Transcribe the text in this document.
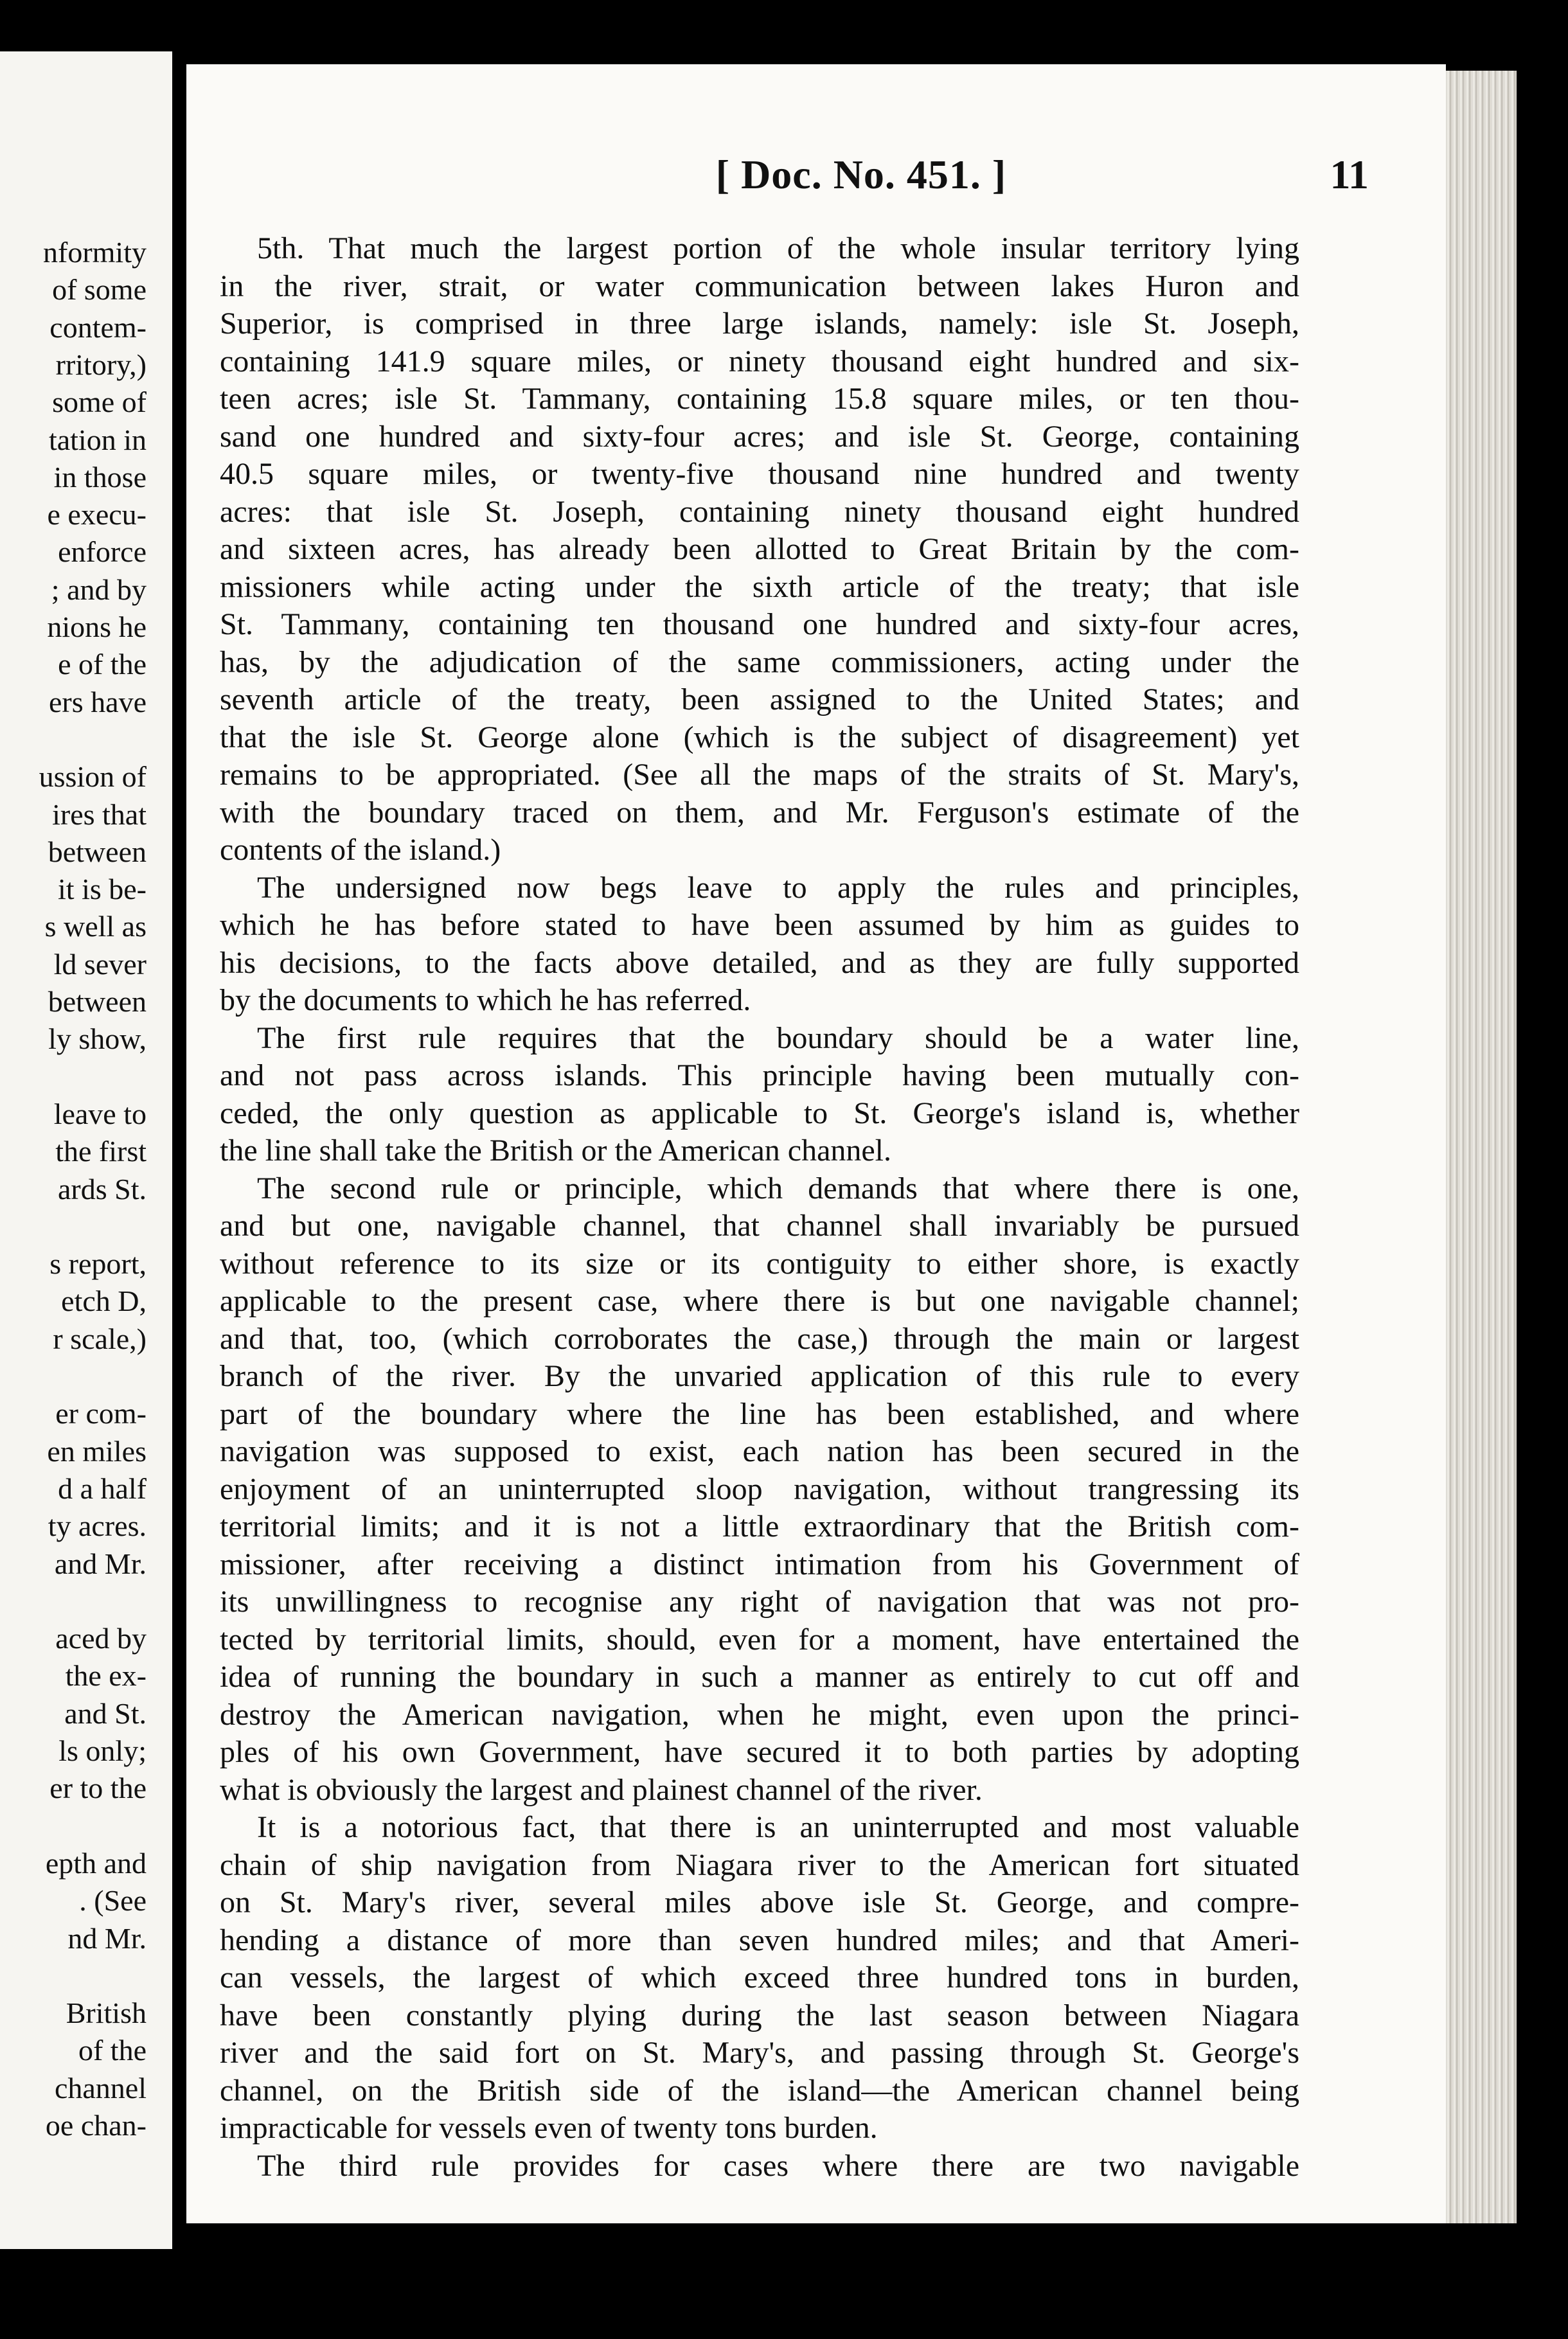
nformity
of some
contem-
rritory,)
some of
tation in
in those
e execu-
enforce
; and by
nions he
e of the
ers have
ussion of
ires that
between
it is be-
s well as
ld sever
between
ly show,
leave to
the first
ards St.
s report,
etch D,
r scale,)
er com-
en miles
d a half
ty acres.
and Mr.
aced by
the ex-
and St.
ls only;
er to the
epth and
. (See
nd Mr.
British
of the
channel
oe chan-
[ Doc. No. 451. ]	11
5th. That much the largest portion of the whole insular territory lying
in the river, strait, or water communication between lakes Huron and
Superior, is comprised in three large islands, namely: isle St. Joseph,
containing 141.9 square miles, or ninety thousand eight hundred and six-
teen acres; isle St. Tammany, containing 15.8 square miles, or ten thou-
sand one hundred and sixty-four acres; and isle St. George, containing
40.5 square miles, or twenty-five thousand nine hundred and twenty
acres: that isle St. Joseph, containing ninety thousand eight hundred
and sixteen acres, has already been allotted to Great Britain by the com-
missioners while acting under the sixth article of the treaty; that isle
St. Tammany, containing ten thousand one hundred and sixty-four acres,
has, by the adjudication of the same commissioners, acting under the
seventh article of the treaty, been assigned to the United States; and
that the isle St. George alone (which is the subject of disagreement) yet
remains to be appropriated. (See all the maps of the straits of St. Mary's,
with the boundary traced on them, and Mr. Ferguson's estimate of the
contents of the island.)
The undersigned now begs leave to apply the rules and principles,
which he has before stated to have been assumed by him as guides to
his decisions, to the facts above detailed, and as they are fully supported
by the documents to which he has referred.
The first rule requires that the boundary should be a water line,
and not pass across islands. This principle having been mutually con-
ceded, the only question as applicable to St. George's island is, whether
the line shall take the British or the American channel.
The second rule or principle, which demands that where there is one,
and but one, navigable channel, that channel shall invariably be pursued
without reference to its size or its contiguity to either shore, is exactly
applicable to the present case, where there is but one navigable channel;
and that, too, (which corroborates the case,) through the main or largest
branch of the river. By the unvaried application of this rule to every
part of the boundary where the line has been established, and where
navigation was supposed to exist, each nation has been secured in the
enjoyment of an uninterrupted sloop navigation, without trangressing its
territorial limits; and it is not a little extraordinary that the British com-
missioner, after receiving a distinct intimation from his Government of
its unwillingness to recognise any right of navigation that was not pro-
tected by territorial limits, should, even for a moment, have entertained the
idea of running the boundary in such a manner as entirely to cut off and
destroy the American navigation, when he might, even upon the princi-
ples of his own Government, have secured it to both parties by adopting
what is obviously the largest and plainest channel of the river.
It is a notorious fact, that there is an uninterrupted and most valuable
chain of ship navigation from Niagara river to the American fort situated
on St. Mary's river, several miles above isle St. George, and compre-
hending a distance of more than seven hundred miles; and that Ameri-
can vessels, the largest of which exceed three hundred tons in burden,
have been constantly plying during the last season between Niagara
river and the said fort on St. Mary's, and passing through St. George's
channel, on the British side of the island—the American channel being
impracticable for vessels even of twenty tons burden.
The third rule provides for cases where there are two navigable
